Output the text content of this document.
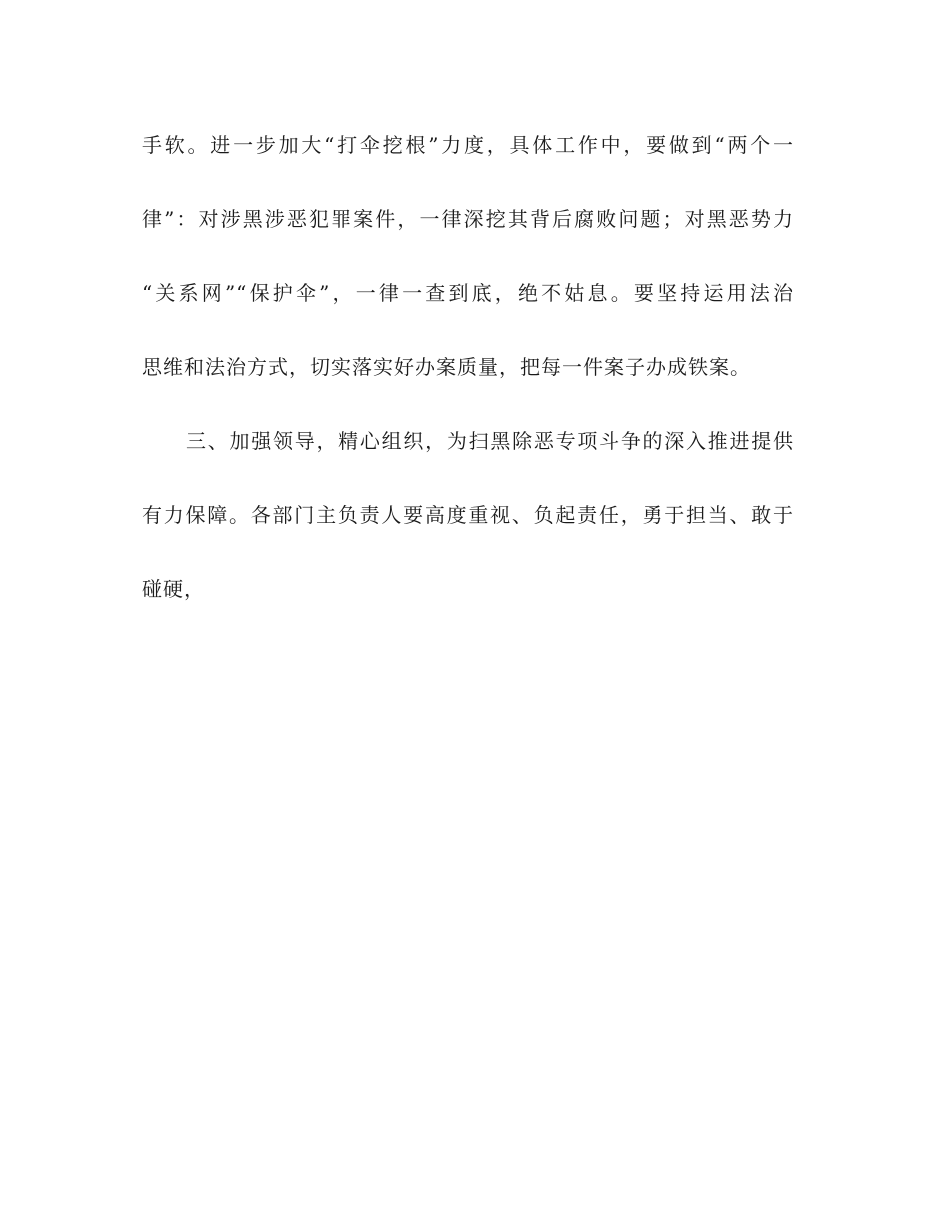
手软。进一步加大“打伞挖根”力度，具体工作中，要做到“两个一
律”：对涉黑涉恶犯罪案件，一律深挖其背后腐败问题；对黑恶势力
“关系网”“保护伞”，一律一查到底，绝不姑息。要坚持运用法治
思维和法治方式，切实落实好办案质量，把每一件案子办成铁案。
三、加强领导，精心组织，为扫黑除恶专项斗争的深入推进提供
有力保障。各部门主负责人要高度重视、负起责任，勇于担当、敢于
碰硬，
